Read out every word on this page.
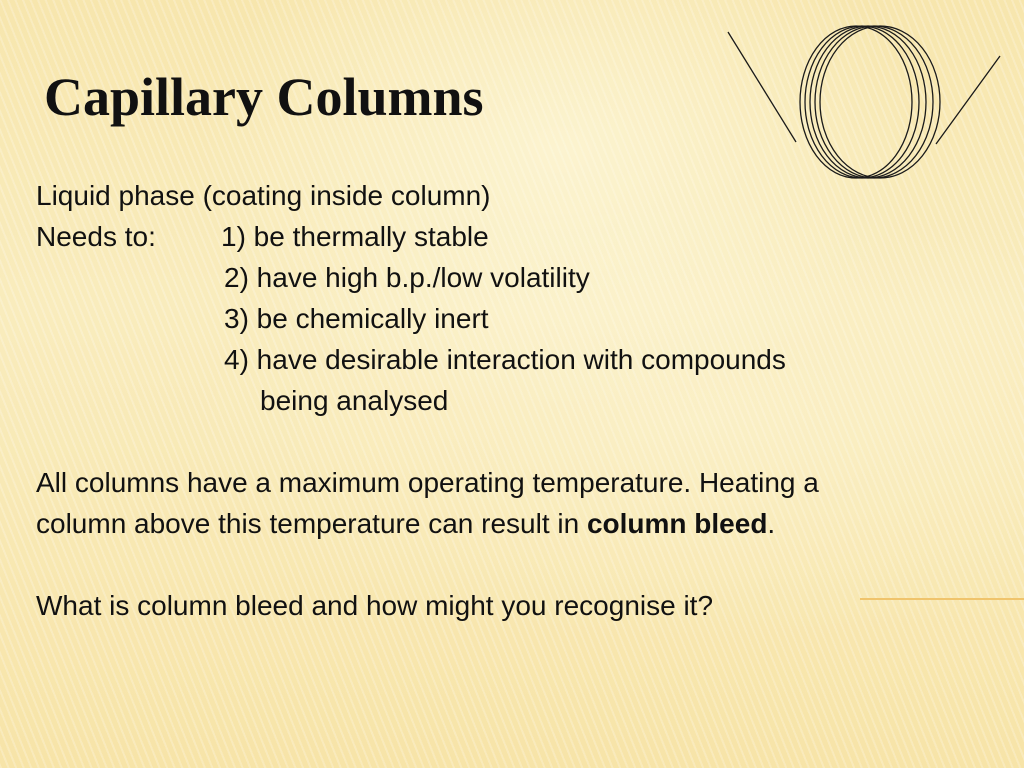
Capillary Columns
Liquid phase (coating inside column)
Needs to: 1) be thermally stable
2) have high b.p./low volatility
3) be chemically inert
4) have desirable interaction with compounds
being analysed
All columns have a maximum operating temperature. Heating a
column above this temperature can result in column bleed.
What is column bleed and how might you recognise it?
